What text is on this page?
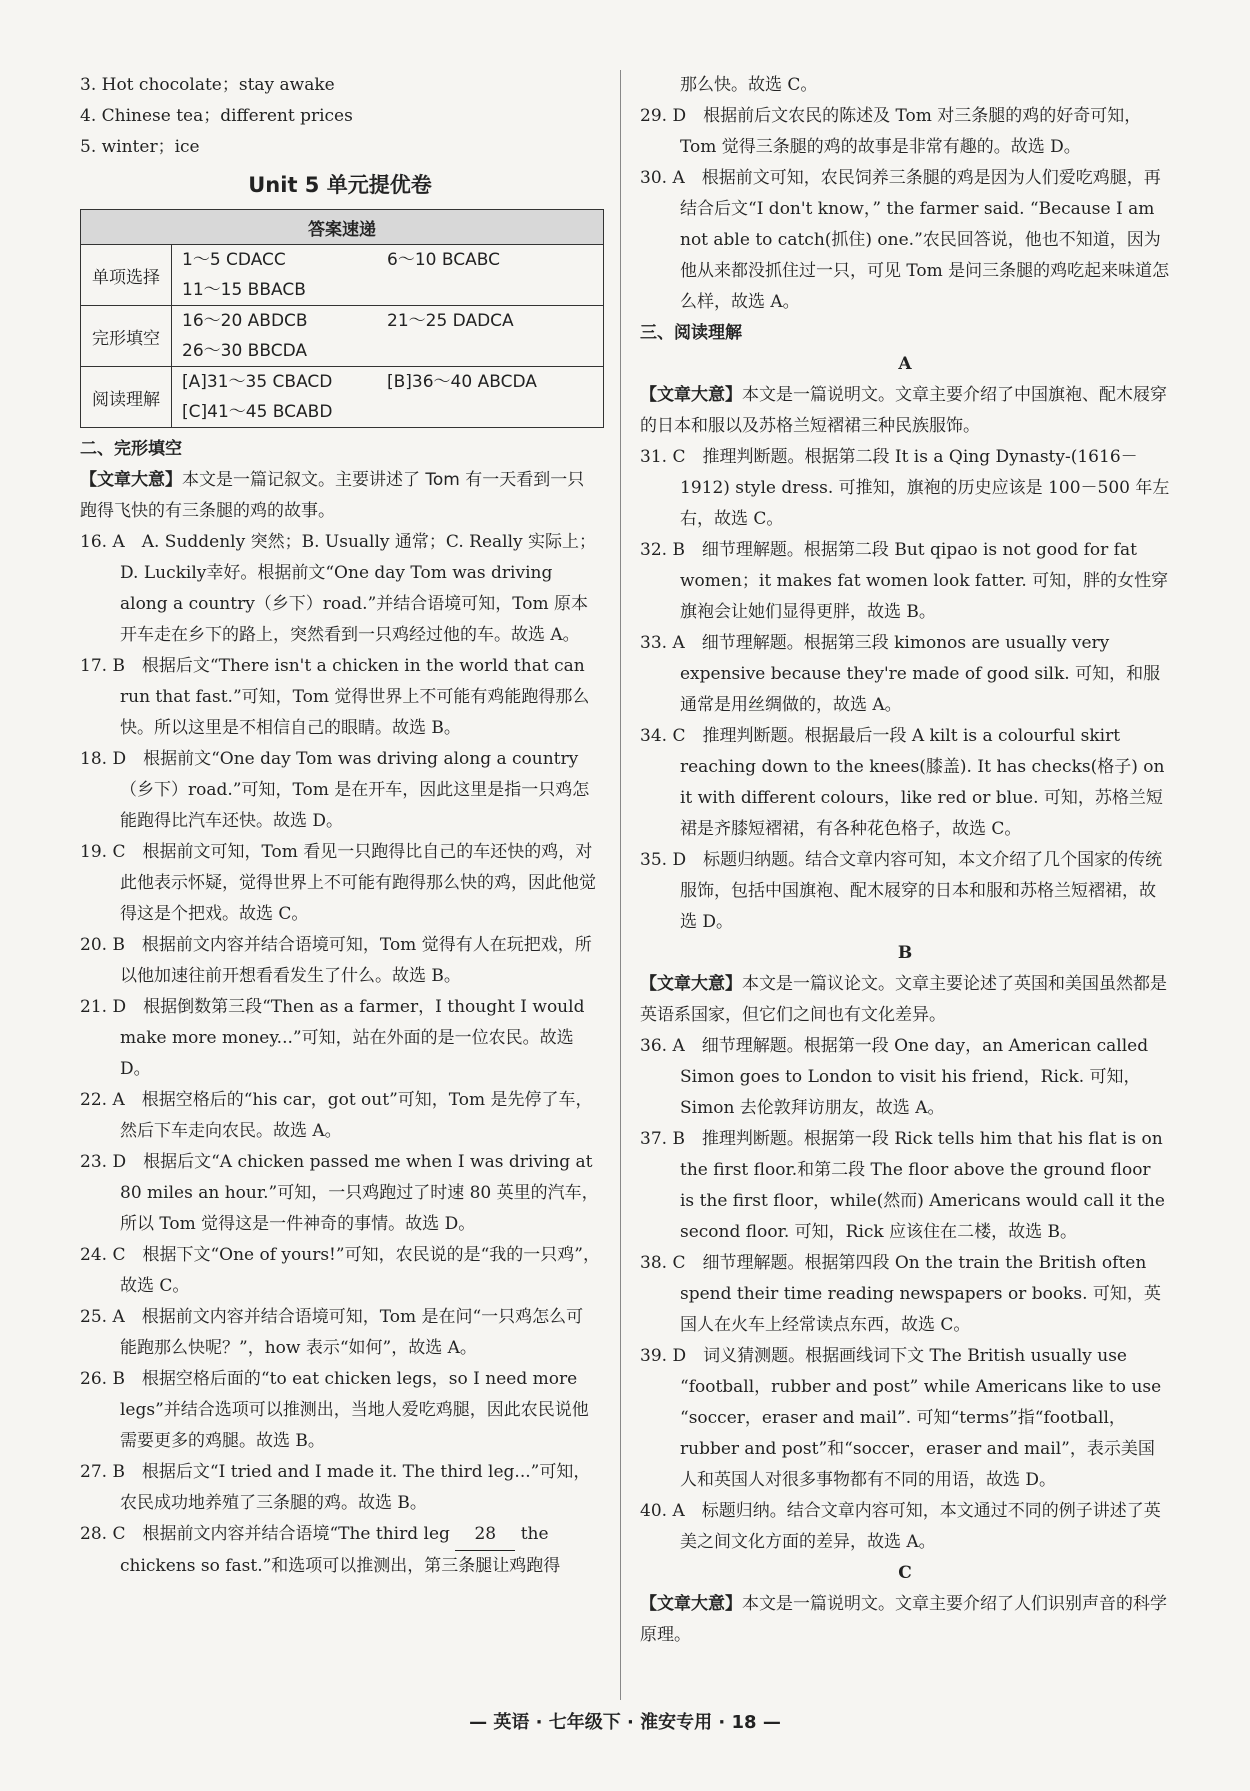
3. Hot chocolate；stay awake

4. Chinese tea；different prices

5. winter；ice

Unit 5 单元提优卷
答案速递	
单项选择	1～5 CDACC 6～10 BCABC
11～15 BBACB

完形填空	16～20 ABDCB 21～25 DADCA
26～30 BBCDA

阅读理解	[A]31～35 CBACD [B]36～40 ABCDA
[C]41～45 BCABD

二、完形填空

【文章大意】本文是一篇记叙文。主要讲述了 Tom 有一天看到一只跑得飞快的有三条腿的鸡的故事。

16. A　A. Suddenly 突然；B. Usually 通常；C. Really 实际上；D. Luckily幸好。根据前文“One day Tom was driving along a country（乡下）road.”并结合语境可知，Tom 原本开车走在乡下的路上，突然看到一只鸡经过他的车。故选 A。

17. B　根据后文“There isn't a chicken in the world that can run that fast.”可知，Tom 觉得世界上不可能有鸡能跑得那么快。所以这里是不相信自己的眼睛。故选 B。

18. D　根据前文“One day Tom was driving along a country（乡下）road.”可知，Tom 是在开车，因此这里是指一只鸡怎能跑得比汽车还快。故选 D。

19. C　根据前文可知，Tom 看见一只跑得比自己的车还快的鸡，对此他表示怀疑，觉得世界上不可能有跑得那么快的鸡，因此他觉得这是个把戏。故选 C。

20. B　根据前文内容并结合语境可知，Tom 觉得有人在玩把戏，所以他加速往前开想看看发生了什么。故选 B。

21. D　根据倒数第三段“Then as a farmer，I thought I would make more money...”可知，站在外面的是一位农民。故选 D。

22. A　根据空格后的“his car，got out”可知，Tom 是先停了车，然后下车走向农民。故选 A。

23. D　根据后文“A chicken passed me when I was driving at 80 miles an hour.”可知，一只鸡跑过了时速 80 英里的汽车，所以 Tom 觉得这是一件神奇的事情。故选 D。

24. C　根据下文“One of yours!”可知，农民说的是“我的一只鸡”，故选 C。

25. A　根据前文内容并结合语境可知，Tom 是在问“一只鸡怎么可能跑那么快呢？”，how 表示“如何”，故选 A。

26. B　根据空格后面的“to eat chicken legs，so I need more legs”并结合选项可以推测出，当地人爱吃鸡腿，因此农民说他需要更多的鸡腿。故选 B。

27. B　根据后文“I tried and I made it. The third leg...”可知，农民成功地养殖了三条腿的鸡。故选 B。

28. C　根据前文内容并结合语境“The third leg 28 the chickens so fast.”和选项可以推测出，第三条腿让鸡跑得

那么快。故选 C。

29. D　根据前后文农民的陈述及 Tom 对三条腿的鸡的好奇可知，Tom 觉得三条腿的鸡的故事是非常有趣的。故选 D。

30. A　根据前文可知，农民饲养三条腿的鸡是因为人们爱吃鸡腿，再结合后文“I don't know，” the farmer said. “Because I am not able to catch(抓住) one.”农民回答说，他也不知道，因为他从来都没抓住过一只，可见 Tom 是问三条腿的鸡吃起来味道怎么样，故选 A。

三、阅读理解

A

【文章大意】本文是一篇说明文。文章主要介绍了中国旗袍、配木屐穿的日本和服以及苏格兰短褶裙三种民族服饰。

31. C　推理判断题。根据第二段 It is a Qing Dynasty-(1616－1912) style dress. 可推知，旗袍的历史应该是 100－500 年左右，故选 C。

32. B　细节理解题。根据第二段 But qipao is not good for fat women；it makes fat women look fatter. 可知，胖的女性穿旗袍会让她们显得更胖，故选 B。

33. A　细节理解题。根据第三段 kimonos are usually very expensive because they're made of good silk. 可知，和服通常是用丝绸做的，故选 A。

34. C　推理判断题。根据最后一段 A kilt is a colourful skirt reaching down to the knees(膝盖). It has checks(格子) on it with different colours，like red or blue. 可知，苏格兰短裙是齐膝短褶裙，有各种花色格子，故选 C。

35. D　标题归纳题。结合文章内容可知，本文介绍了几个国家的传统服饰，包括中国旗袍、配木屐穿的日本和服和苏格兰短褶裙，故选 D。

B

【文章大意】本文是一篇议论文。文章主要论述了英国和美国虽然都是英语系国家，但它们之间也有文化差异。

36. A　细节理解题。根据第一段 One day，an American called Simon goes to London to visit his friend，Rick. 可知，Simon 去伦敦拜访朋友，故选 A。

37. B　推理判断题。根据第一段 Rick tells him that his flat is on the first floor.和第二段 The floor above the ground floor is the first floor，while(然而) Americans would call it the second floor. 可知，Rick 应该住在二楼，故选 B。

38. C　细节理解题。根据第四段 On the train the British often spend their time reading newspapers or books. 可知，英国人在火车上经常读点东西，故选 C。

39. D　词义猜测题。根据画线词下文 The British usually use “football，rubber and post” while Americans like to use “soccer，eraser and mail”. 可知“terms”指“football，rubber and post”和“soccer，eraser and mail”，表示美国人和英国人对很多事物都有不同的用语，故选 D。

40. A　标题归纳。结合文章内容可知，本文通过不同的例子讲述了英美之间文化方面的差异，故选 A。

C

【文章大意】本文是一篇说明文。文章主要介绍了人们识别声音的科学原理。

— 英语 · 七年级下 · 淮安专用 · 18 —
